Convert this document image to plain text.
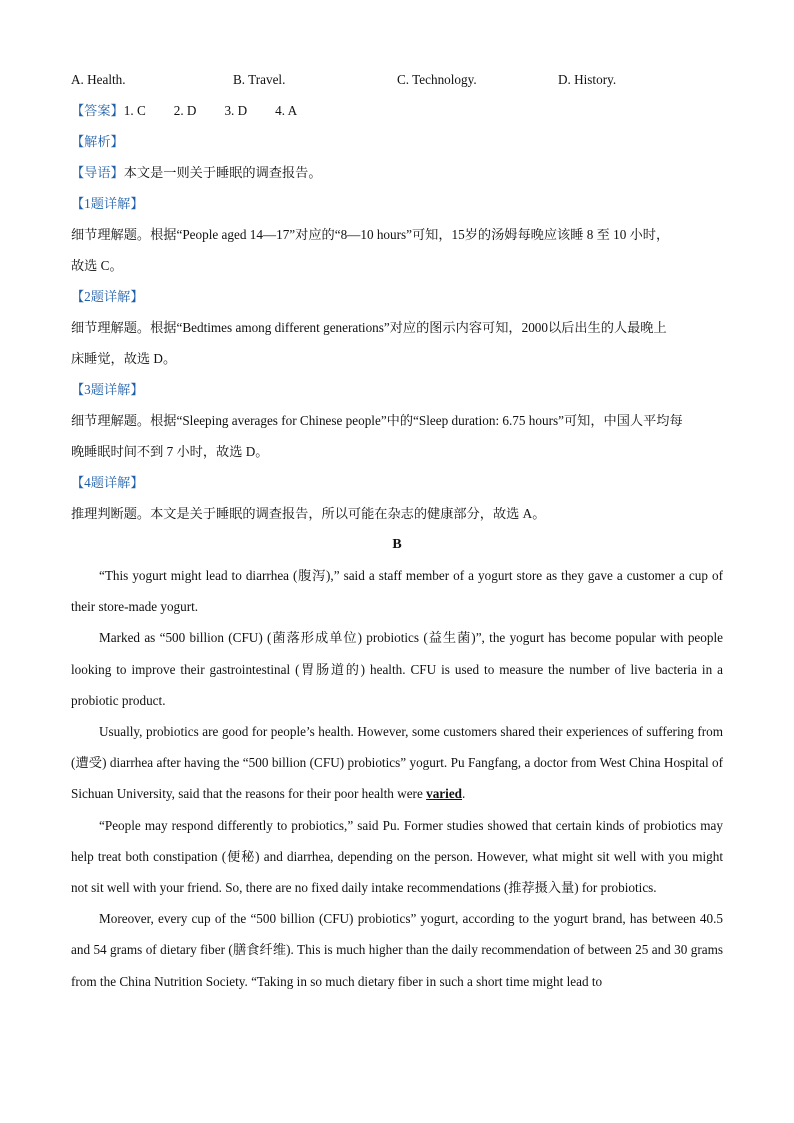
A. Health.	B. Travel.	C. Technology.	D. History.
【答案】1. C 2. D 3. D 4. A
【解析】
【导语】本文是一则关于睡眠的调查报告。
【1题详解】
细节理解题。根据“People aged 14—17”对应的“8—10 hours”可知，15岁的汤姆每晚应该睡 8 至 10 小时，
故选 C。
【2题详解】
细节理解题。根据“Bedtimes among different generations”对应的图示内容可知，2000以后出生的人最晚上
床睡觉，故选 D。
【3题详解】
细节理解题。根据“Sleeping averages for Chinese people”中的“Sleep duration: 6.75 hours”可知，中国人平均每
晚睡眠时间不到 7 小时，故选 D。
【4题详解】
推理判断题。本文是关于睡眠的调查报告，所以可能在杂志的健康部分，故选 A。
B

“This yogurt might lead to diarrhea (腹泻),” said a staff member of a yogurt store as they gave a customer a cup of their store-made yogurt.

Marked as “500 billion (CFU) (菌落形成单位) probiotics (益生菌)”, the yogurt has become popular with people looking to improve their gastrointestinal (胃肠道的) health. CFU is used to measure the number of live bacteria in a probiotic product.

Usually, probiotics are good for people’s health. However, some customers shared their experiences of suffering from (遭受) diarrhea after having the “500 billion (CFU) probiotics” yogurt. Pu Fangfang, a doctor from West China Hospital of Sichuan University, said that the reasons for their poor health were varied.

“People may respond differently to probiotics,” said Pu. Former studies showed that certain kinds of probiotics may help treat both constipation (便秘) and diarrhea, depending on the person. However, what might sit well with you might not sit well with your friend. So, there are no fixed daily intake recommendations (推荐摄入量) for probiotics.

Moreover, every cup of the “500 billion (CFU) probiotics” yogurt, according to the yogurt brand, has between 40.5 and 54 grams of dietary fiber (膳食纤维). This is much higher than the daily recommendation of between 25 and 30 grams from the China Nutrition Society. “Taking in so much dietary fiber in such a short time might lead to
